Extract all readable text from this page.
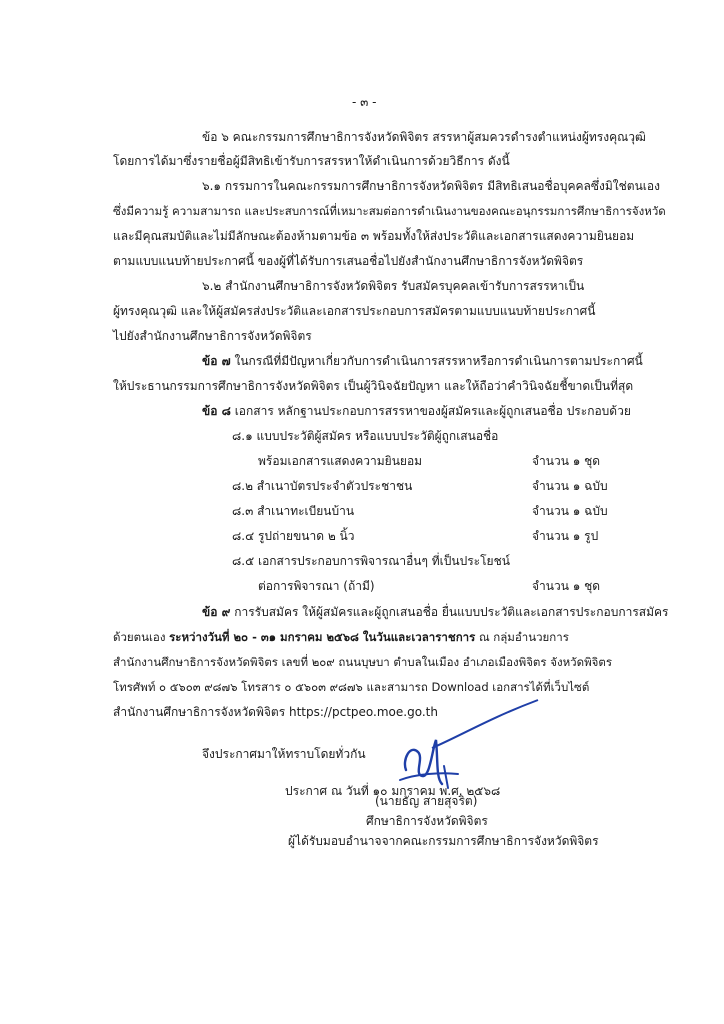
- ๓ -
ข้อ ๖ คณะกรรมการศึกษาธิการจังหวัดพิจิตร สรรหาผู้สมควรดำรงตำแหน่งผู้ทรงคุณวุฒิ
โดยการได้มาซึ่งรายชื่อผู้มีสิทธิเข้ารับการสรรหาให้ดำเนินการด้วยวิธีการ ดังนี้
๖.๑ กรรมการในคณะกรรมการศึกษาธิการจังหวัดพิจิตร มีสิทธิเสนอชื่อบุคคลซึ่งมิใช่ตนเอง
ซึ่งมีความรู้ ความสามารถ และประสบการณ์ที่เหมาะสมต่อการดำเนินงานของคณะอนุกรรมการศึกษาธิการจังหวัด
และมีคุณสมบัติและไม่มีลักษณะต้องห้ามตามข้อ ๓ พร้อมทั้งให้ส่งประวัติและเอกสารแสดงความยินยอม
ตามแบบแนบท้ายประกาศนี้ ของผู้ที่ได้รับการเสนอชื่อไปยังสำนักงานศึกษาธิการจังหวัดพิจิตร
๖.๒ สำนักงานศึกษาธิการจังหวัดพิจิตร รับสมัครบุคคลเข้ารับการสรรหาเป็น
ผู้ทรงคุณวุฒิ และให้ผู้สมัครส่งประวัติและเอกสารประกอบการสมัครตามแบบแนบท้ายประกาศนี้
ไปยังสำนักงานศึกษาธิการจังหวัดพิจิตร
ข้อ ๗ ในกรณีที่มีปัญหาเกี่ยวกับการดำเนินการสรรหาหรือการดำเนินการตามประกาศนี้
ให้ประธานกรรมการศึกษาธิการจังหวัดพิจิตร เป็นผู้วินิจฉัยปัญหา และให้ถือว่าคำวินิจฉัยชี้ขาดเป็นที่สุด
ข้อ ๘ เอกสาร หลักฐานประกอบการสรรหาของผู้สมัครและผู้ถูกเสนอชื่อ ประกอบด้วย
๘.๑ แบบประวัติผู้สมัคร หรือแบบประวัติผู้ถูกเสนอชื่อ
พร้อมเอกสารแสดงความยินยอม	จำนวน ๑ ชุด
๘.๒ สำเนาบัตรประจำตัวประชาชน	จำนวน ๑ ฉบับ
๘.๓ สำเนาทะเบียนบ้าน	จำนวน ๑ ฉบับ
๘.๔ รูปถ่ายขนาด ๒ นิ้ว	จำนวน ๑ รูป
๘.๕ เอกสารประกอบการพิจารณาอื่นๆ ที่เป็นประโยชน์
ต่อการพิจารณา (ถ้ามี)	จำนวน ๑ ชุด
ข้อ ๙ การรับสมัคร ให้ผู้สมัครและผู้ถูกเสนอชื่อ ยื่นแบบประวัติและเอกสารประกอบการสมัคร
ด้วยตนเอง ระหว่างวันที่ ๒๐ - ๓๑ มกราคม ๒๕๖๘ ในวันและเวลาราชการ ณ กลุ่มอำนวยการ
สำนักงานศึกษาธิการจังหวัดพิจิตร เลขที่ ๒๐๙ ถนนบุษบา ตำบลในเมือง อำเภอเมืองพิจิตร จังหวัดพิจิตร
โทรศัพท์ ๐ ๕๖๐๓ ๙๘๗๖ โทรสาร ๐ ๕๖๐๓ ๙๘๗๖ และสามารถ Download เอกสารได้ที่เว็บไซต์
สำนักงานศึกษาธิการจังหวัดพิจิตร https://pctpeo.moe.go.th
จึงประกาศมาให้ทราบโดยทั่วกัน
ประกาศ ณ วันที่ ๑๐ มกราคม พ.ศ. ๒๕๖๘
(นายธัญ สายสุจริต)
ศึกษาธิการจังหวัดพิจิตร
ผู้ได้รับมอบอำนาจจากคณะกรรมการศึกษาธิการจังหวัดพิจิตร
